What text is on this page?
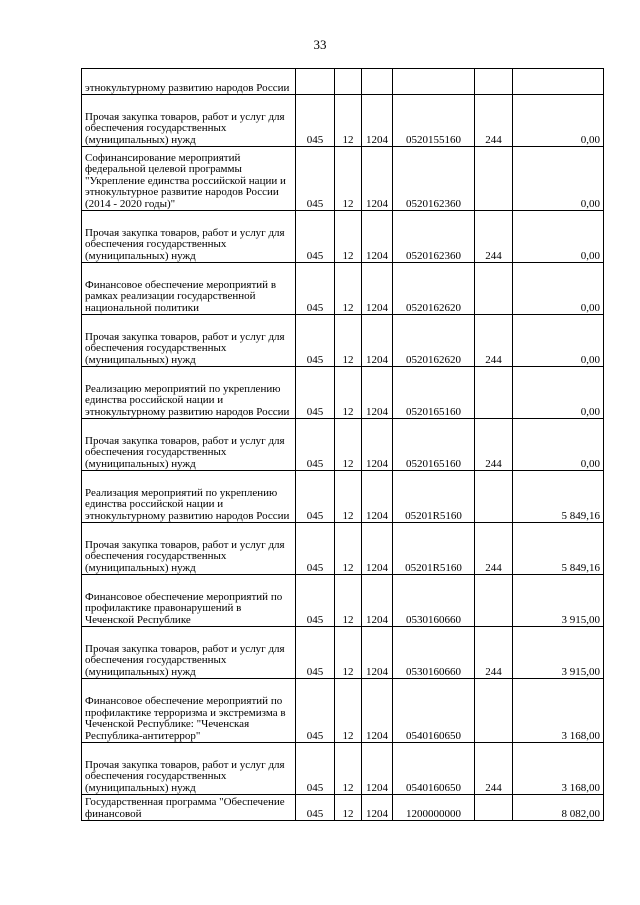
33
этнокультурному развитию народов России						
Прочая закупка товаров, работ и услуг для обеспечения государственных (муниципальных) нужд	045	12	1204	0520155160	244	0,00
Софинансирование мероприятий федеральной целевой программы "Укрепление единства российской нации и этнокультурное развитие народов России (2014 - 2020 годы)"	045	12	1204	0520162360		0,00
Прочая закупка товаров, работ и услуг для обеспечения государственных (муниципальных) нужд	045	12	1204	0520162360	244	0,00
Финансовое обеспечение мероприятий в рамках реализации государственной национальной политики	045	12	1204	0520162620		0,00
Прочая закупка товаров, работ и услуг для обеспечения государственных (муниципальных) нужд	045	12	1204	0520162620	244	0,00
Реализацию мероприятий по укреплению единства российской нации и этнокультурному развитию народов России	045	12	1204	0520165160		0,00
Прочая закупка товаров, работ и услуг для обеспечения государственных (муниципальных) нужд	045	12	1204	0520165160	244	0,00
Реализация мероприятий по укреплению единства российской нации и этнокультурному развитию народов России	045	12	1204	05201R5160		5 849,16
Прочая закупка товаров, работ и услуг для обеспечения государственных (муниципальных) нужд	045	12	1204	05201R5160	244	5 849,16
Финансовое обеспечение мероприятий по профилактике правонарушений в Чеченской Республике	045	12	1204	0530160660		3 915,00
Прочая закупка товаров, работ и услуг для обеспечения государственных (муниципальных) нужд	045	12	1204	0530160660	244	3 915,00
Финансовое обеспечение мероприятий по профилактике терроризма и экстремизма в Чеченской Республике: "Чеченская Республика-антитеррор"	045	12	1204	0540160650		3 168,00
Прочая закупка товаров, работ и услуг для обеспечения государственных (муниципальных) нужд	045	12	1204	0540160650	244	3 168,00
Государственная программа "Обеспечение финансовой	045	12	1204	1200000000		8 082,00
